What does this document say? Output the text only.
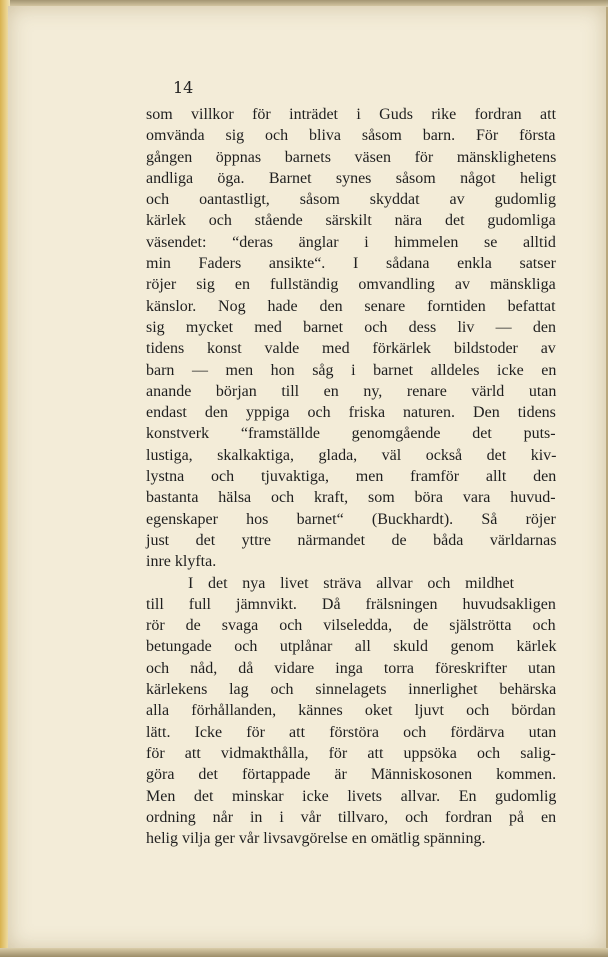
14
som villkor för inträdet i Guds rike fordran att
omvända sig och bliva såsom barn. För första
gången öppnas barnets väsen för mänsklighetens
andliga öga. Barnet synes såsom något heligt
och oantastligt, såsom skyddat av gudomlig
kärlek och stående särskilt nära det gudomliga
väsendet: “deras änglar i himmelen se alltid
min Faders ansikte“. I sådana enkla satser
röjer sig en fullständig omvandling av mänskliga
känslor. Nog hade den senare forntiden befattat
sig mycket med barnet och dess liv — den
tidens konst valde med förkärlek bildstoder av
barn — men hon såg i barnet alldeles icke en
anande början till en ny, renare värld utan
endast den yppiga och friska naturen. Den tidens
konstverk “framställde genomgående det puts-
lustiga, skalkaktiga, glada, väl också det kiv-
lystna och tjuvaktiga, men framför allt den
bastanta hälsa och kraft, som böra vara huvud-
egenskaper hos barnet“ (Buckhardt). Så röjer
just det yttre närmandet de båda världarnas
inre klyfta.
I det nya livet sträva allvar och mildhet
till full jämnvikt. Då frälsningen huvudsakligen
rör de svaga och vilseledda, de själströtta och
betungade och utplånar all skuld genom kärlek
och nåd, då vidare inga torra föreskrifter utan
kärlekens lag och sinnelagets innerlighet behärska
alla förhållanden, kännes oket ljuvt och bördan
lätt. Icke för att förstöra och fördärva utan
för att vidmakthålla, för att uppsöka och salig-
göra det förtappade är Människosonen kommen.
Men det minskar icke livets allvar. En gudomlig
ordning når in i vår tillvaro, och fordran på en
helig vilja ger vår livsavgörelse en omätlig spänning.
